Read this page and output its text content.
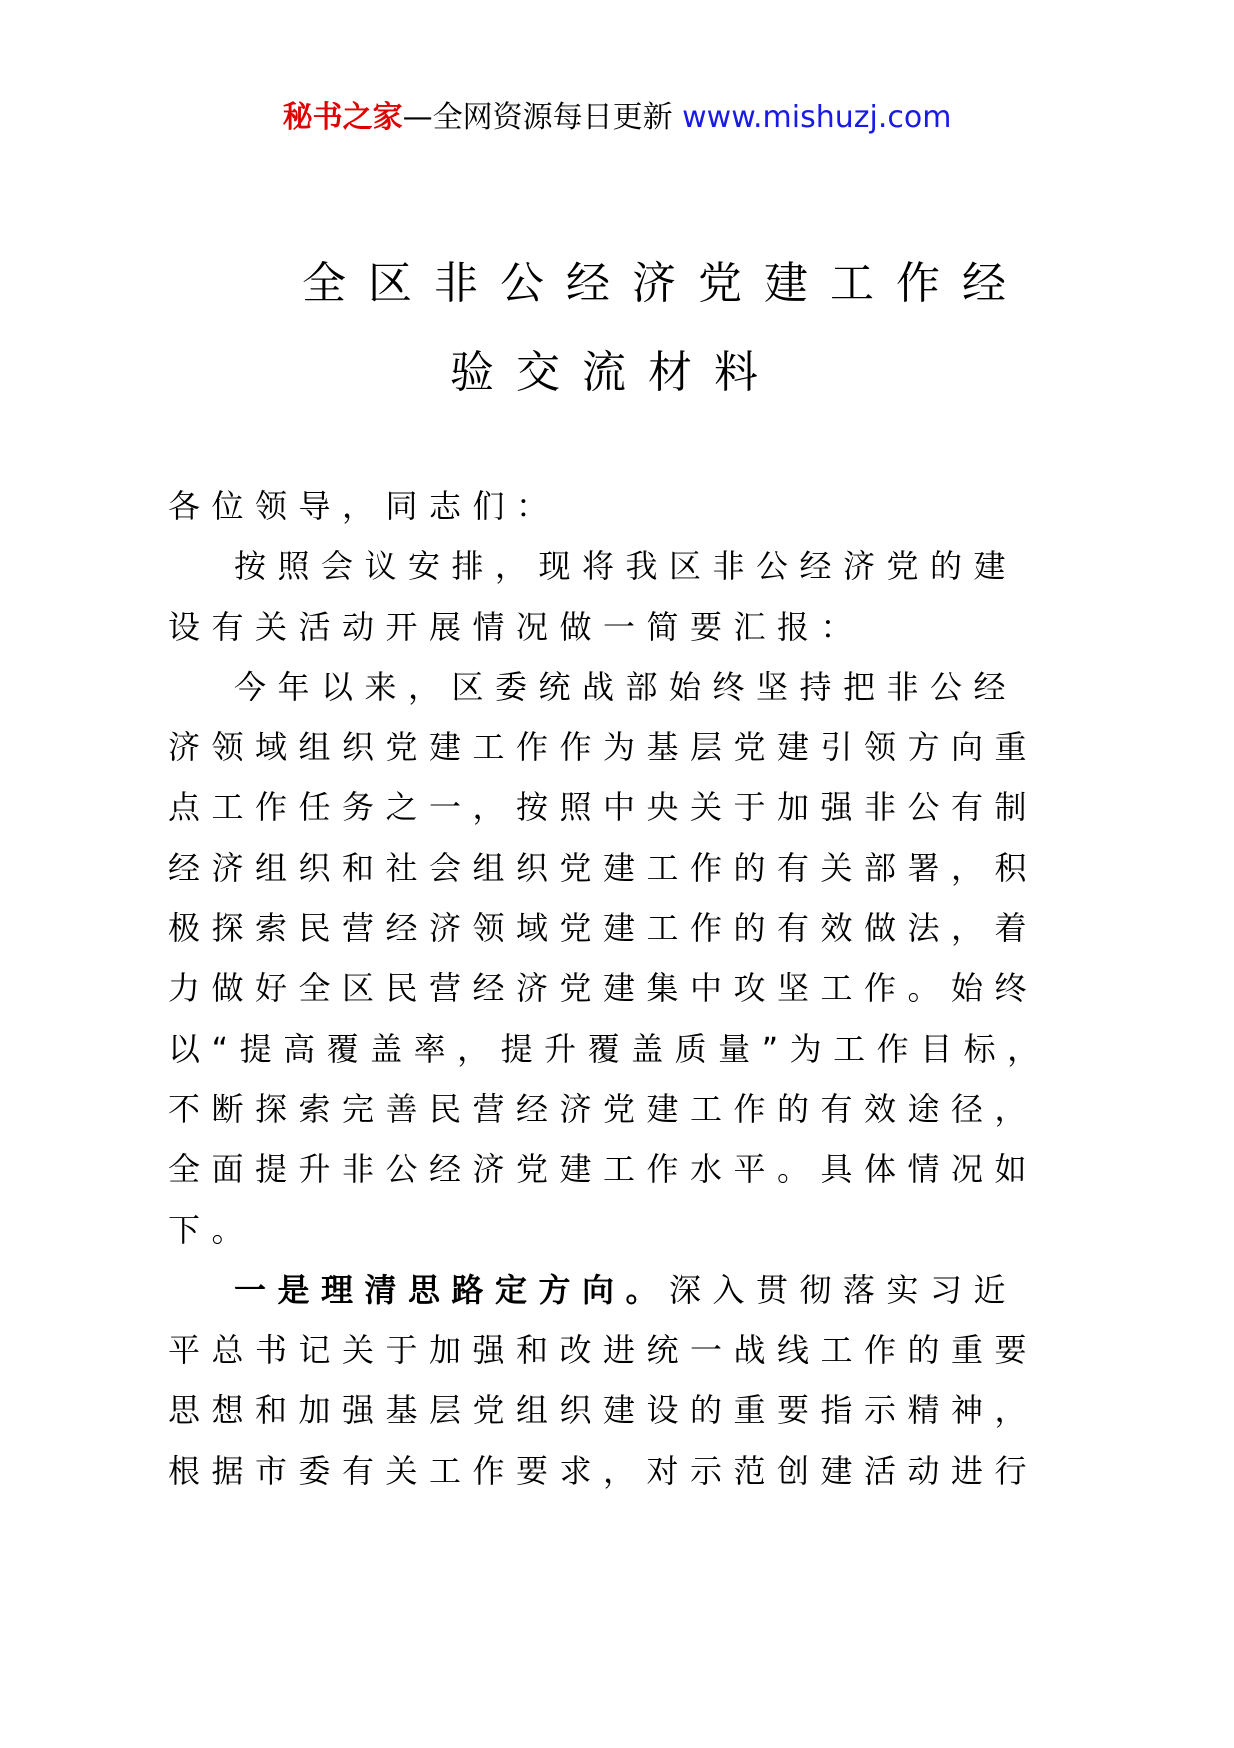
秘书之家—全网资源每日更新 www.mishuzj.com
全区非公经济党建工作经
验交流材料
各位领导，同志们：
按照会议安排，现将我区非公经济党的建
设有关活动开展情况做一简要汇报：
今年以来，区委统战部始终坚持把非公经
济领域组织党建工作作为基层党建引领方向重
点工作任务之一，按照中央关于加强非公有制
经济组织和社会组织党建工作的有关部署，积
极探索民营经济领域党建工作的有效做法，着
力做好全区民营经济党建集中攻坚工作。始终
以“提高覆盖率，提升覆盖质量”为工作目标，
不断探索完善民营经济党建工作的有效途径，
全面提升非公经济党建工作水平。具体情况如
下。
一是理清思路定方向。深入贯彻落实习近
平总书记关于加强和改进统一战线工作的重要
思想和加强基层党组织建设的重要指示精神，
根据市委有关工作要求，对示范创建活动进行
